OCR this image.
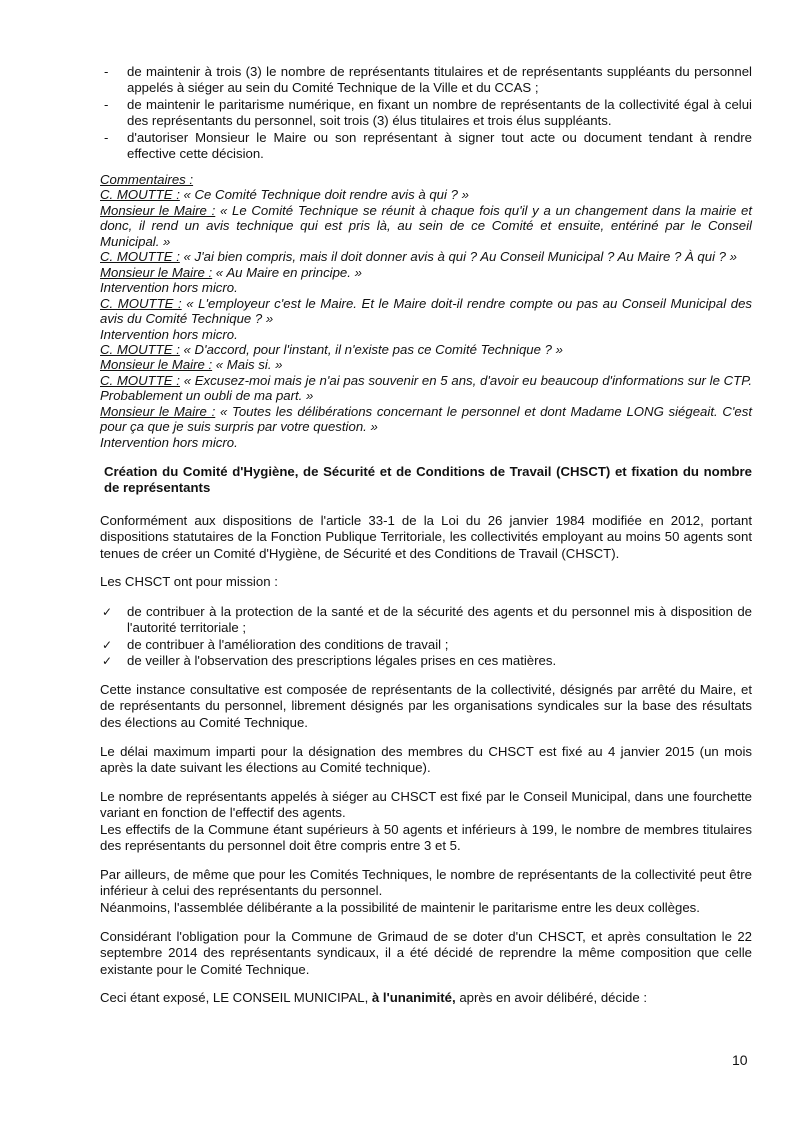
- de maintenir à trois (3) le nombre de représentants titulaires et de représentants suppléants du personnel appelés à siéger au sein du Comité Technique de la Ville et du CCAS ;
- de maintenir le paritarisme numérique, en fixant un nombre de représentants de la collectivité égal à celui des représentants du personnel, soit trois (3) élus titulaires et trois élus suppléants.
- d'autoriser Monsieur le Maire ou son représentant à signer tout acte ou document tendant à rendre effective cette décision.

Commentaires :

C. MOUTTE : « Ce Comité Technique doit rendre avis à qui ? »

Monsieur le Maire : « Le Comité Technique se réunit à chaque fois qu'il y a un changement dans la mairie et donc, il rend un avis technique qui est pris là, au sein de ce Comité et ensuite, entériné par le Conseil Municipal. »

C. MOUTTE : « J'ai bien compris, mais il doit donner avis à qui ? Au Conseil Municipal ? Au Maire ? À qui ? »

Monsieur le Maire : « Au Maire en principe. »

Intervention hors micro.

C. MOUTTE : « L'employeur c'est le Maire. Et le Maire doit-il rendre compte ou pas au Conseil Municipal des avis du Comité Technique ? »

Intervention hors micro.

C. MOUTTE : « D'accord, pour l'instant, il n'existe pas ce Comité Technique ? »

Monsieur le Maire : « Mais si. »

C. MOUTTE : « Excusez-moi mais je n'ai pas souvenir en 5 ans, d'avoir eu beaucoup d'informations sur le CTP. Probablement un oubli de ma part. »

Monsieur le Maire : « Toutes les délibérations concernant le personnel et dont Madame LONG siégeait. C'est pour ça que je suis surpris par votre question. »

Intervention hors micro.

Création du Comité d'Hygiène, de Sécurité et de Conditions de Travail (CHSCT) et fixation du nombre de représentants
Conformément aux dispositions de l'article 33-1 de la Loi du 26 janvier 1984 modifiée en 2012, portant dispositions statutaires de la Fonction Publique Territoriale, les collectivités employant au moins 50 agents sont tenues de créer un Comité d'Hygiène, de Sécurité et des Conditions de Travail (CHSCT).
Les CHSCT ont pour mission :
✓ de contribuer à la protection de la santé et de la sécurité des agents et du personnel mis à disposition de l'autorité territoriale ;
✓ de contribuer à l'amélioration des conditions de travail ;
✓ de veiller à l'observation des prescriptions légales prises en ces matières.
Cette instance consultative est composée de représentants de la collectivité, désignés par arrêté du Maire, et de représentants du personnel, librement désignés par les organisations syndicales sur la base des résultats des élections au Comité Technique.
Le délai maximum imparti pour la désignation des membres du CHSCT est fixé au 4 janvier 2015 (un mois après la date suivant les élections au Comité technique).

Le nombre de représentants appelés à siéger au CHSCT est fixé par le Conseil Municipal, dans une fourchette variant en fonction de l'effectif des agents.

Les effectifs de la Commune étant supérieurs à 50 agents et inférieurs à 199, le nombre de membres titulaires des représentants du personnel doit être compris entre 3 et 5.

Par ailleurs, de même que pour les Comités Techniques, le nombre de représentants de la collectivité peut être inférieur à celui des représentants du personnel.

Néanmoins, l'assemblée délibérante a la possibilité de maintenir le paritarisme entre les deux collèges.

Considérant l'obligation pour la Commune de Grimaud de se doter d'un CHSCT, et après consultation le 22 septembre 2014 des représentants syndicaux, il a été décidé de reprendre la même composition que celle existante pour le Comité Technique.
Ceci étant exposé, LE CONSEIL MUNICIPAL, à l'unanimité, après en avoir délibéré, décide :
10
